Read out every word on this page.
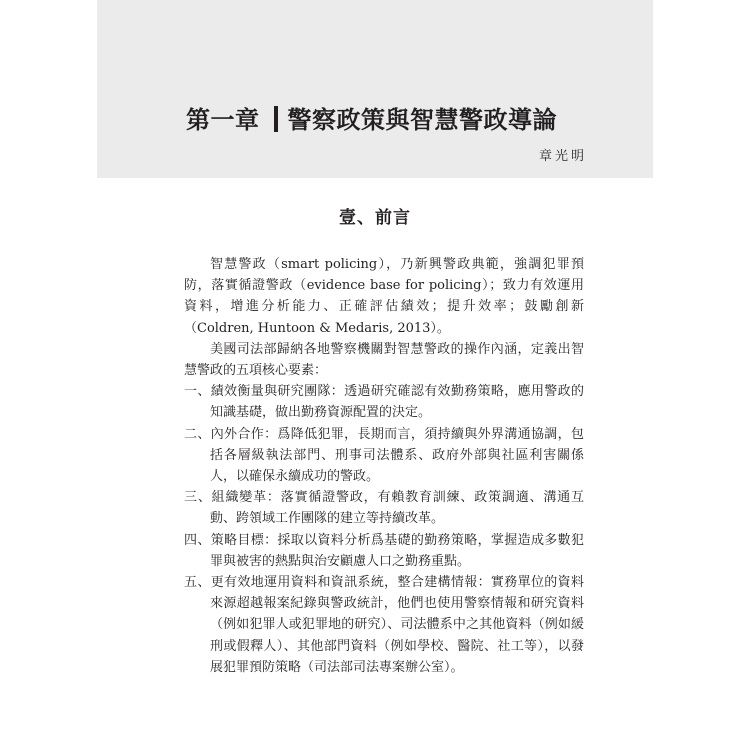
第一章 警察政策與智慧警政導論
章光明
壹、前言

智慧警政（smart policing），乃新興警政典範，強調犯罪預防，落實循證警政（evidence base for policing）；致力有效運用資料，增進分析能力、正確評估績效；提升效率；鼓勵創新（Coldren, Huntoon & Medaris, 2013）。

美國司法部歸納各地警察機關對智慧警政的操作內涵，定義出智慧警政的五項核心要素：

一、績效衡量與研究團隊：透過研究確認有效勤務策略，應用警政的知識基礎，做出勤務資源配置的決定。
二、內外合作：爲降低犯罪，長期而言，須持續與外界溝通協調，包括各層級執法部門、刑事司法體系、政府外部與社區利害關係人，以確保永續成功的警政。
三、組織變革：落實循證警政，有賴教育訓練、政策調適、溝通互動、跨領域工作團隊的建立等持續改革。
四、策略目標：採取以資料分析爲基礎的勤務策略，掌握造成多數犯罪與被害的熱點與治安顧慮人口之勤務重點。
五、更有效地運用資料和資訊系統，整合建構情報：實務單位的資料來源超越報案紀錄與警政統計，他們也使用警察情報和研究資料（例如犯罪人或犯罪地的研究）、司法體系中之其他資料（例如緩刑或假釋人）、其他部門資料（例如學校、醫院、社工等），以發展犯罪預防策略（司法部司法專案辦公室）。
